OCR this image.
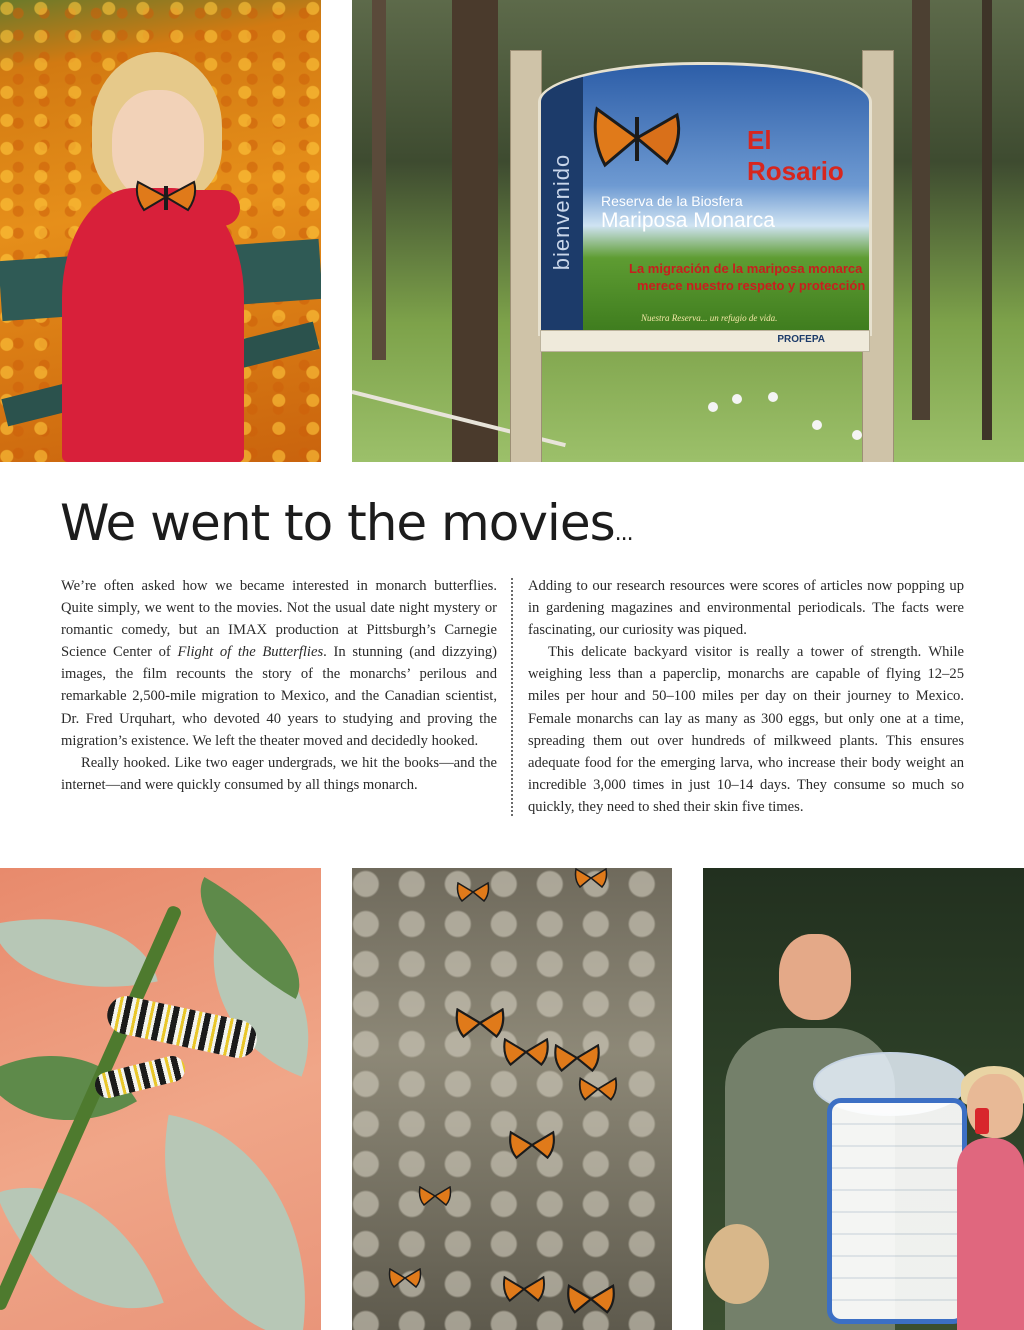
bienvenido
El Rosario
Reserva de la Biosfera
Mariposa Monarca
La migración de la mariposa monarca
merece nuestro respeto y protección
Nuestra Reserva... un refugio de vida.
PROFEPA
We went to the movies...

We’re often asked how we became interested in monarch butterflies. Quite simply, we went to the movies. Not the usual date night mystery or romantic comedy, but an IMAX production at Pittsburgh’s Carnegie Science Center of Flight of the Butterflies. In stunning (and dizzying) images, the film recounts the story of the monarchs’ perilous and remarkable 2,500-mile migration to Mexico, and the Canadian scientist, Dr. Fred Urquhart, who devoted 40 years to studying and proving the migration’s existence. We left the theater moved and decidedly hooked.

Really hooked. Like two eager undergrads, we hit the books—and the internet—and were quickly consumed by all things monarch.

Adding to our research resources were scores of articles now popping up in gardening magazines and environmental periodicals. The facts were fascinating, our curiosity was piqued.

This delicate backyard visitor is really a tower of strength. While weighing less than a paperclip, monarchs are capable of flying 12–25 miles per hour and 50–100 miles per day on their journey to Mexico. Female monarchs can lay as many as 300 eggs, but only one at a time, spreading them out over hundreds of milkweed plants. This ensures adequate food for the emerging larva, who increase their body weight an incredible 3,000 times in just 10–14 days. They consume so much so quickly, they need to shed their skin five times.
